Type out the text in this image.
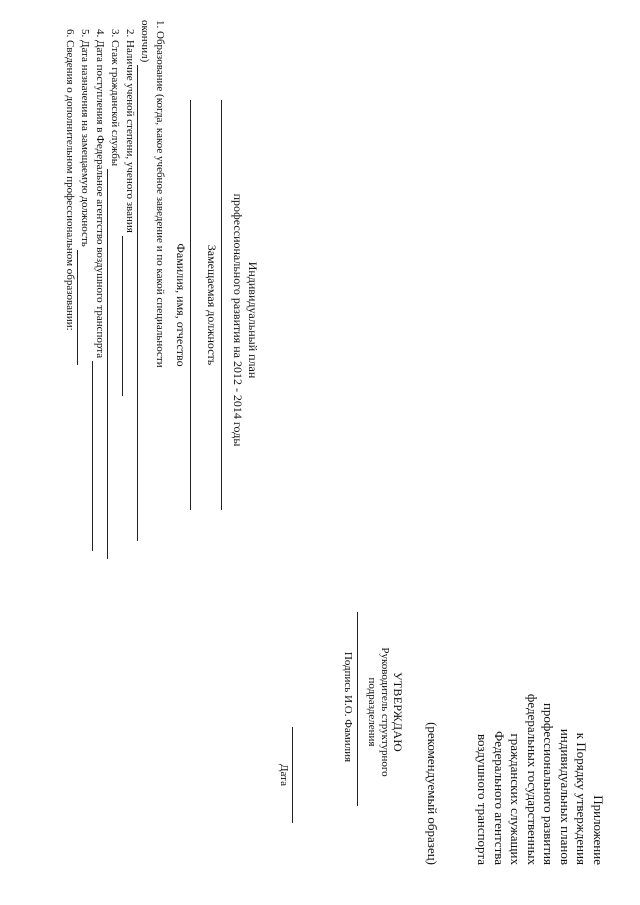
Приложение
к Порядку утверждения
индивидуальных планов
профессионального развития
федеральных государственных
гражданских служащих
Федерального агентства
воздушного транспорта
(рекомендуемый образец)
УТВЕРЖДАЮ
Руководитель структурного
подразделения
Подпись И.О. Фамилия
Дата
Индивидуальный план
профессионального развития на 2012 - 2014 годы
Замещаемая должность
Фамилия, имя, отчество
1. Образование (когда, какое учебное заведение и по какой специальности
окончил)
2. Наличие ученой степени, ученого звания
3. Стаж гражданской службы
4. Дата поступления в Федеральное агентство воздушного транспорта
5. Дата назначения на замещаемую должность
6. Сведения о дополнительном профессиональном образовании:
